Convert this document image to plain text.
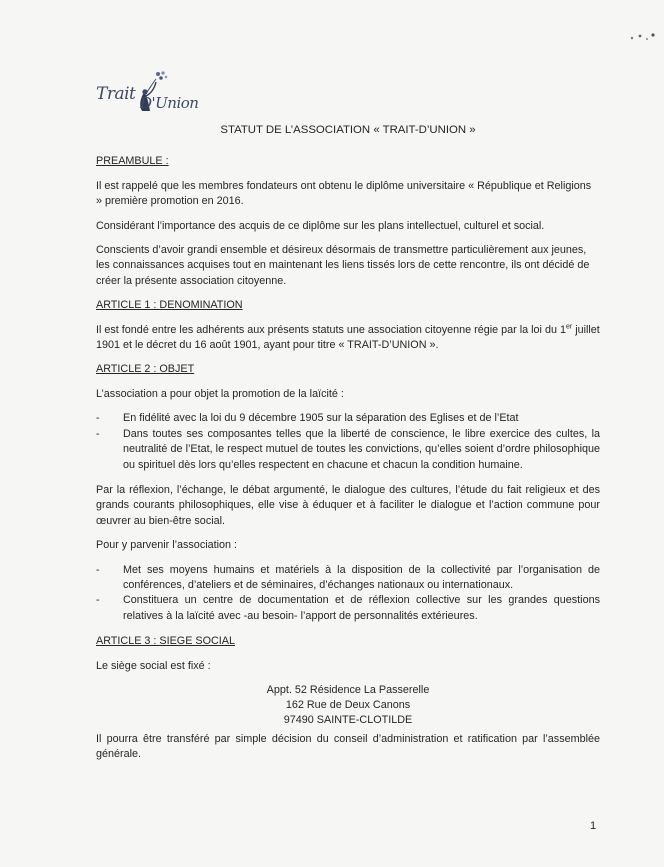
Trait D'Union
STATUT DE L’ASSOCIATION « TRAIT-D’UNION »
PREAMBULE :

Il est rappelé que les membres fondateurs ont obtenu le diplôme universitaire « République et Religions » première promotion en 2016.

Considérant l’importance des acquis de ce diplôme sur les plans intellectuel, culturel et social.

Conscients d’avoir grandi ensemble et désireux désormais de transmettre particulièrement aux jeunes, les connaissances acquises tout en maintenant les liens tissés lors de cette rencontre, ils ont décidé de créer la présente association citoyenne.

ARTICLE 1 : DENOMINATION

Il est fondé entre les adhérents aux présents statuts une association citoyenne régie par la loi du 1er juillet 1901 et le décret du 16 août 1901, ayant pour titre « TRAIT-D’UNION ».

ARTICLE 2 : OBJET

L’association a pour objet la promotion de la laïcité :

- En fidélité avec la loi du 9 décembre 1905 sur la séparation des Eglises et de l’Etat
- Dans toutes ses composantes telles que la liberté de conscience, le libre exercice des cultes, la neutralité de l’Etat, le respect mutuel de toutes les convictions, qu’elles soient d’ordre philosophique ou spirituel dès lors qu’elles respectent en chacune et chacun la condition humaine.

Par la réflexion, l’échange, le débat argumenté, le dialogue des cultures, l’étude du fait religieux et des grands courants philosophiques, elle vise à éduquer et à faciliter le dialogue et l’action commune pour œuvrer au bien-être social.

Pour y parvenir l’association :

- Met ses moyens humains et matériels à la disposition de la collectivité par l’organisation de conférences, d’ateliers et de séminaires, d’échanges nationaux ou internationaux.
- Constituera un centre de documentation et de réflexion collective sur les grandes questions relatives à la laïcité avec -au besoin- l’apport de personnalités extérieures.
ARTICLE 3 : SIEGE SOCIAL

Le siège social est fixé :

Appt. 52 Résidence La Passerelle
162 Rue de Deux Canons
97490 SAINTE-CLOTILDE

Il pourra être transféré par simple décision du conseil d’administration et ratification par l’assemblée générale.

1
